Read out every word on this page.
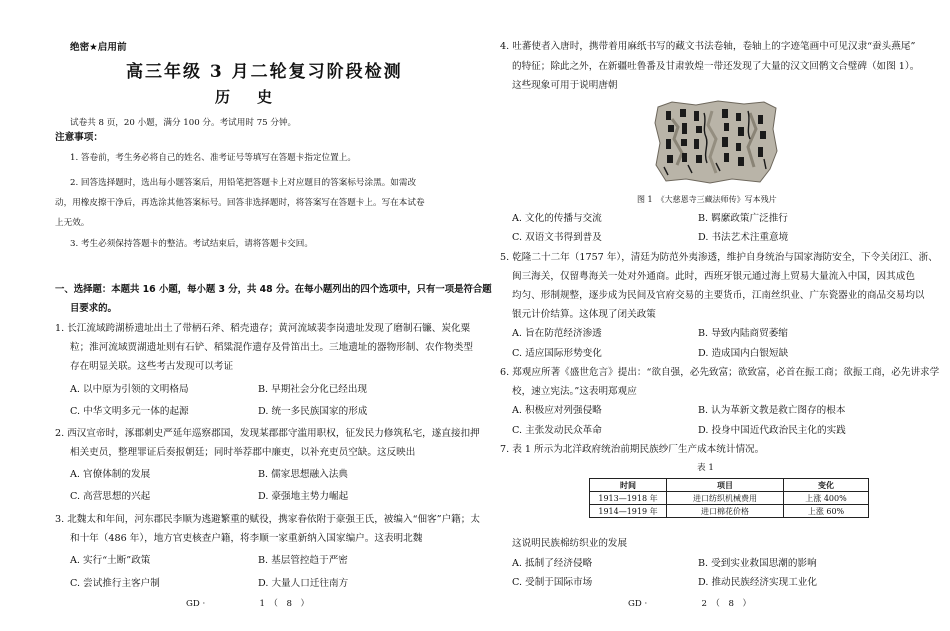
绝密★启用前
高三年级 3 月二轮复习阶段检测
历　史
试卷共 8 页，20 小题，满分 100 分。考试用时 75 分钟。
注意事项：
1. 答卷前，考生务必将自己的姓名、准考证号等填写在答题卡指定位置上。
2. 回答选择题时，选出每小题答案后，用铅笔把答题卡上对应题目的答案标号涂黑。如需改
动，用橡皮擦干净后，再选涂其他答案标号。回答非选择题时，将答案写在答题卡上。写在本试卷
上无效。
3. 考生必须保持答题卡的整洁。考试结束后，请将答题卡交回。
一、选择题：本题共 16 小题，每小题 3 分，共 48 分。在每小题列出的四个选项中，只有一项是符合题
目要求的。
1. 长江流域跨湖桥遗址出土了带柄石斧、稻壳遗存；黄河流域裴李岗遗址发现了磨制石镰、炭化粟
粒；淮河流域贾湖遗址则有石铲、稻粱混作遗存及骨笛出土。三地遗址的器物形制、农作物类型
存在明显关联。这些考古发现可以考证
A. 以中原为引领的文明格局	B. 早期社会分化已经出现
C. 中华文明多元一体的起源	D. 统一多民族国家的形成
2. 西汉宣帝时，涿郡刺史严延年巡察郡国，发现某郡郡守滥用职权，征发民力修筑私宅，遂直接扣押
相关吏员，整理罪证后奏报朝廷；同时举荐郡中廉吏，以补充吏员空缺。这反映出
A. 官僚体制的发展	B. 儒家思想融入法典
C. 高营思想的兴起	D. 豪强地主势力崛起
3. 北魏太和年间，河东郡民李顺为逃避繁重的赋役，携家眷依附于豪强王氏，被编入“佃客”户籍；太
和十年（486 年），地方官吏核查户籍，将李顺一家重新纳入国家编户。这表明北魏
A. 实行“土断”政策	B. 基层管控趋于严密
C. 尝试推行主客户制	D. 大量人口迁往南方
GD · 　　　　　　1　（　8　）
4. 吐蕃使者入唐时，携带着用麻纸书写的藏文书法卷轴，卷轴上的字迹笔画中可见汉隶“蚕头燕尾”
的特征；除此之外，在新疆吐鲁番及甘肃敦煌一带还发现了大量的汉文回鹘文合璧碑（如图 1）。
这些现象可用于说明唐朝
图 1　《大慈恩寺三藏法师传》写本残片
A. 文化的传播与交流	B. 羁縻政策广泛推行
C. 双语文书得到普及	D. 书法艺术注重意境
5. 乾隆二十二年（1757 年），清廷为防范外夷渗透，维护自身统治与国家海防安全，下令关闭江、浙、
闽三海关，仅留粤海关一处对外通商。此时，西班牙银元通过海上贸易大量流入中国，因其成色
均匀、形制规整，逐步成为民间及官府交易的主要货币，江南丝织业、广东瓷器业的商品交易均以
银元计价结算。这体现了闭关政策
A. 旨在防范经济渗透	B. 导致内陆商贸萎缩
C. 适应国际形势变化	D. 造成国内白银短缺
6. 郑观应所著《盛世危言》提出：“欲自强，必先致富；欲致富，必首在振工商；欲振工商，必先讲求学
校，速立宪法。”这表明郑观应
A. 积极应对列强侵略	B. 认为革新文教是救亡图存的根本
C. 主张发动民众革命	D. 投身中国近代政治民主化的实践
7. 表 1 所示为北洋政府统治前期民族纱厂生产成本统计情况。
表 1
时间	项目	变化
1913—1918 年	进口纺织机械费用	上涨 400%
1914—1919 年	进口棉花价格	上涨 60%
这说明民族棉纺织业的发展
A. 抵制了经济侵略	B. 受到实业救国思潮的影响
C. 受制于国际市场	D. 推动民族经济实现工业化
GD · 　　　　　　2　（　8　）
